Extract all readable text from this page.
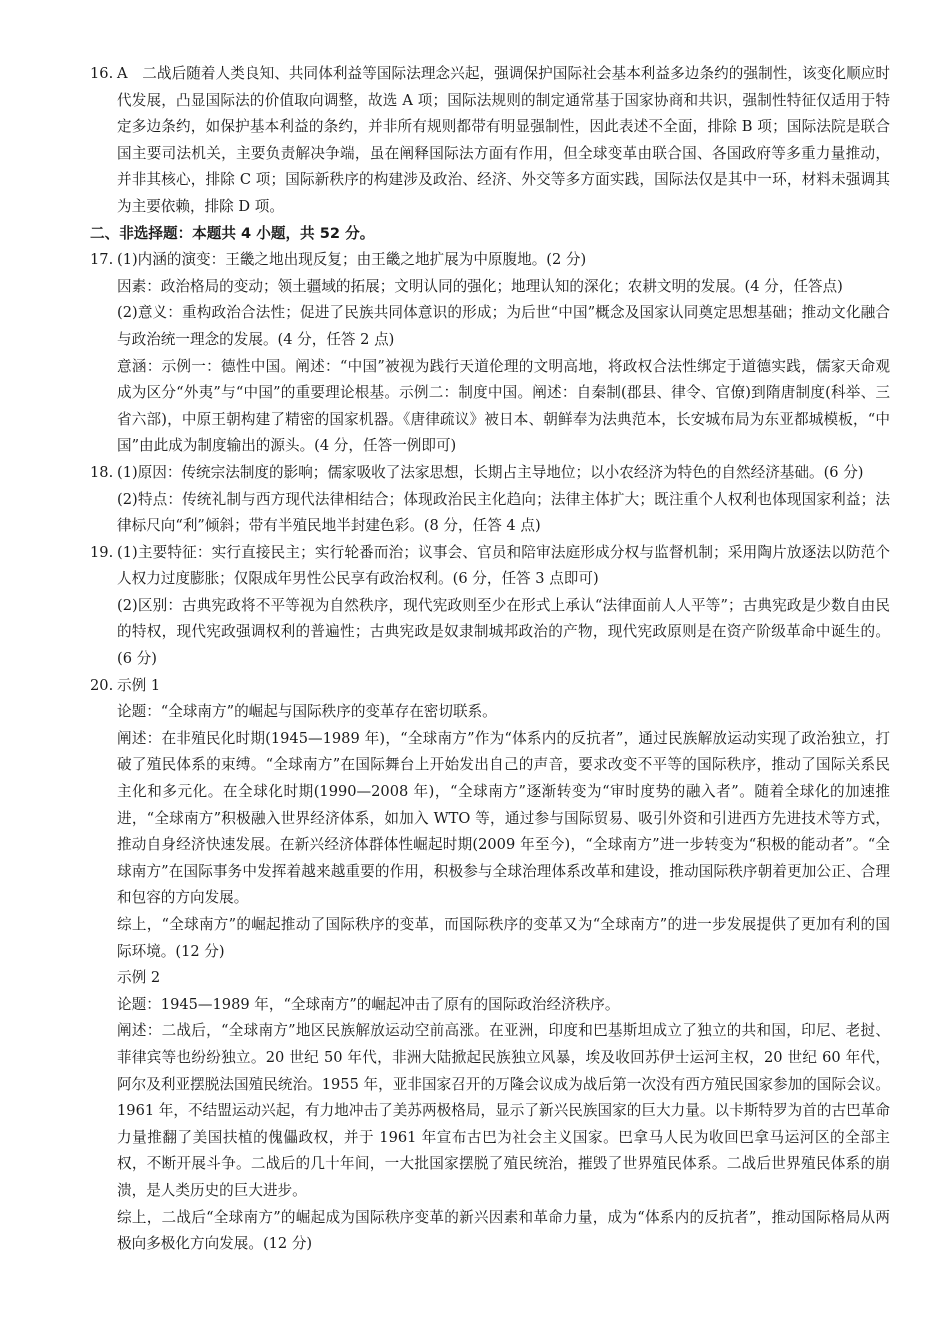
16. A　二战后随着人类良知、共同体利益等国际法理念兴起，强调保护国际社会基本利益多边条约的强制性，该变化顺应时代发展，凸显国际法的价值取向调整，故选 A 项；国际法规则的制定通常基于国家协商和共识，强制性特征仅适用于特定多边条约，如保护基本利益的条约，并非所有规则都带有明显强制性，因此表述不全面，排除 B 项；国际法院是联合国主要司法机关，主要负责解决争端，虽在阐释国际法方面有作用，但全球变革由联合国、各国政府等多重力量推动，并非其核心，排除 C 项；国际新秩序的构建涉及政治、经济、外交等多方面实践，国际法仅是其中一环，材料未强调其为主要依赖，排除 D 项。

二、非选择题：本题共 4 小题，共 52 分。

17. (1)内涵的演变：王畿之地出现反复；由王畿之地扩展为中原腹地。(2 分)

因素：政治格局的变动；领土疆域的拓展；文明认同的强化；地理认知的深化；农耕文明的发展。(4 分，任答点)

(2)意义：重构政治合法性；促进了民族共同体意识的形成；为后世“中国”概念及国家认同奠定思想基础；推动文化融合与政治统一理念的发展。(4 分，任答 2 点)

意涵：示例一：德性中国。阐述：“中国”被视为践行天道伦理的文明高地，将政权合法性绑定于道德实践，儒家天命观成为区分“外夷”与“中国”的重要理论根基。示例二：制度中国。阐述：自秦制(郡县、律令、官僚)到隋唐制度(科举、三省六部)，中原王朝构建了精密的国家机器。《唐律疏议》被日本、朝鲜奉为法典范本，长安城布局为东亚都城模板，“中国”由此成为制度输出的源头。(4 分，任答一例即可)

18. (1)原因：传统宗法制度的影响；儒家吸收了法家思想，长期占主导地位；以小农经济为特色的自然经济基础。(6 分)

(2)特点：传统礼制与西方现代法律相结合；体现政治民主化趋向；法律主体扩大；既注重个人权利也体现国家利益；法律标尺向“利”倾斜；带有半殖民地半封建色彩。(8 分，任答 4 点)

19. (1)主要特征：实行直接民主；实行轮番而治；议事会、官员和陪审法庭形成分权与监督机制；采用陶片放逐法以防范个人权力过度膨胀；仅限成年男性公民享有政治权利。(6 分，任答 3 点即可)

(2)区别：古典宪政将不平等视为自然秩序，现代宪政则至少在形式上承认“法律面前人人平等”；古典宪政是少数自由民的特权，现代宪政强调权利的普遍性；古典宪政是奴隶制城邦政治的产物，现代宪政原则是在资产阶级革命中诞生的。(6 分)

20. 示例 1

论题：“全球南方”的崛起与国际秩序的变革存在密切联系。

阐述：在非殖民化时期(1945—1989 年)，“全球南方”作为“体系内的反抗者”，通过民族解放运动实现了政治独立，打破了殖民体系的束缚。“全球南方”在国际舞台上开始发出自己的声音，要求改变不平等的国际秩序，推动了国际关系民主化和多元化。在全球化时期(1990—2008 年)，“全球南方”逐渐转变为“审时度势的融入者”。随着全球化的加速推进，“全球南方”积极融入世界经济体系，如加入 WTO 等，通过参与国际贸易、吸引外资和引进西方先进技术等方式，推动自身经济快速发展。在新兴经济体群体性崛起时期(2009 年至今)，“全球南方”进一步转变为“积极的能动者”。“全球南方”在国际事务中发挥着越来越重要的作用，积极参与全球治理体系改革和建设，推动国际秩序朝着更加公正、合理和包容的方向发展。

综上，“全球南方”的崛起推动了国际秩序的变革，而国际秩序的变革又为“全球南方”的进一步发展提供了更加有利的国际环境。(12 分)

示例 2

论题：1945—1989 年，“全球南方”的崛起冲击了原有的国际政治经济秩序。

阐述：二战后，“全球南方”地区民族解放运动空前高涨。在亚洲，印度和巴基斯坦成立了独立的共和国，印尼、老挝、菲律宾等也纷纷独立。20 世纪 50 年代，非洲大陆掀起民族独立风暴，埃及收回苏伊士运河主权，20 世纪 60 年代，阿尔及利亚摆脱法国殖民统治。1955 年，亚非国家召开的万隆会议成为战后第一次没有西方殖民国家参加的国际会议。1961 年，不结盟运动兴起，有力地冲击了美苏两极格局，显示了新兴民族国家的巨大力量。以卡斯特罗为首的古巴革命力量推翻了美国扶植的傀儡政权，并于 1961 年宣布古巴为社会主义国家。巴拿马人民为收回巴拿马运河区的全部主权，不断开展斗争。二战后的几十年间，一大批国家摆脱了殖民统治，摧毁了世界殖民体系。二战后世界殖民体系的崩溃，是人类历史的巨大进步。

综上，二战后“全球南方”的崛起成为国际秩序变革的新兴因素和革命力量，成为“体系内的反抗者”，推动国际格局从两极向多极化方向发展。(12 分)
